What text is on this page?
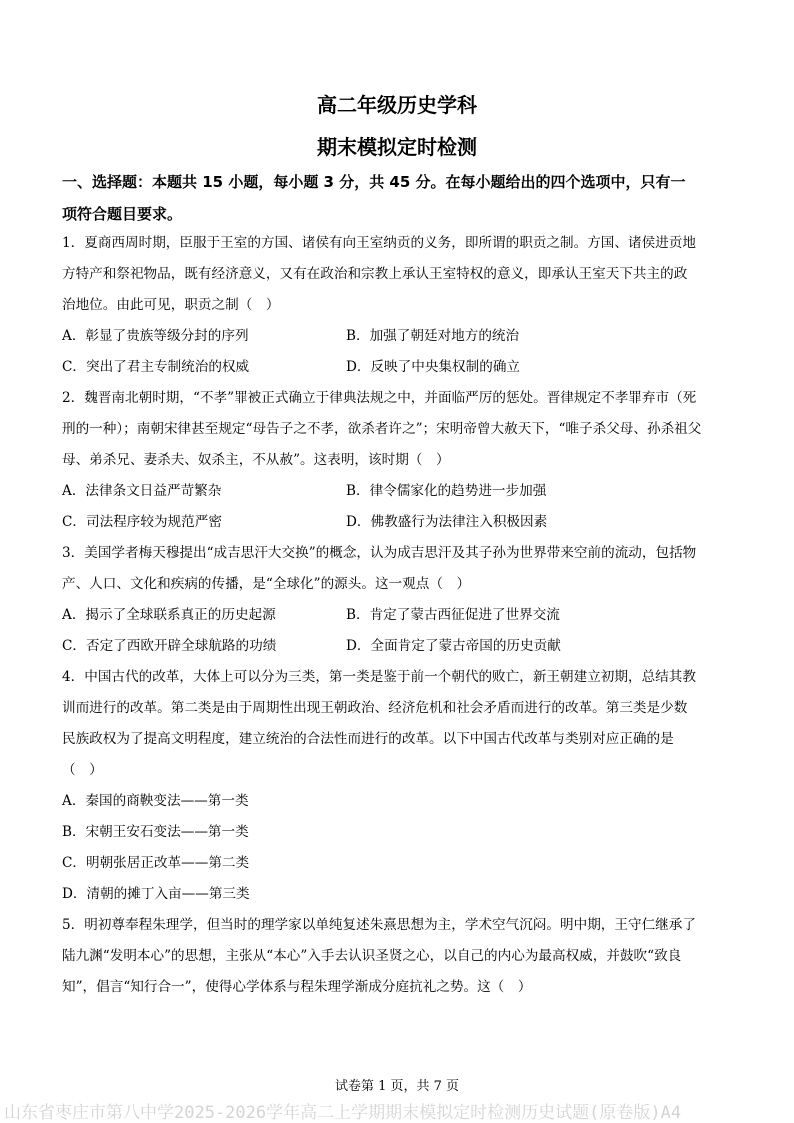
高二年级历史学科
期末模拟定时检测
一、选择题：本题共 15 小题，每小题 3 分，共 45 分。在每小题给出的四个选项中，只有一
项符合题目要求。
1．夏商西周时期，臣服于王室的方国、诸侯有向王室纳贡的义务，即所谓的职贡之制。方国、诸侯进贡地
方特产和祭祀物品，既有经济意义，又有在政治和宗教上承认王室特权的意义，即承认王室天下共主的政
治地位。由此可见，职贡之制（　）
A．彰显了贵族等级分封的序列	B．加强了朝廷对地方的统治
C．突出了君主专制统治的权威	D．反映了中央集权制的确立
2．魏晋南北朝时期，“不孝”罪被正式确立于律典法规之中，并面临严厉的惩处。晋律规定不孝罪弃市（死
刑的一种）；南朝宋律甚至规定“母告子之不孝，欲杀者许之”；宋明帝曾大赦天下，“唯子杀父母、孙杀祖父
母、弟杀兄、妻杀夫、奴杀主，不从赦”。这表明，该时期（　）
A．法律条文日益严苛繁杂	B．律令儒家化的趋势进一步加强
C．司法程序较为规范严密	D．佛教盛行为法律注入积极因素
3．美国学者梅天穆提出“成吉思汗大交换”的概念，认为成吉思汗及其子孙为世界带来空前的流动，包括物
产、人口、文化和疾病的传播，是“全球化”的源头。这一观点（　）
A．揭示了全球联系真正的历史起源	B．肯定了蒙古西征促进了世界交流
C．否定了西欧开辟全球航路的功绩	D．全面肯定了蒙古帝国的历史贡献
4．中国古代的改革，大体上可以分为三类，第一类是鉴于前一个朝代的败亡，新王朝建立初期，总结其教
训而进行的改革。第二类是由于周期性出现王朝政治、经济危机和社会矛盾而进行的改革。第三类是少数
民族政权为了提高文明程度，建立统治的合法性而进行的改革。以下中国古代改革与类别对应正确的是
（　）
A．秦国的商鞅变法——第一类
B．宋朝王安石变法——第一类
C．明朝张居正改革——第二类
D．清朝的摊丁入亩——第三类
5．明初尊奉程朱理学，但当时的理学家以单纯复述朱熹思想为主，学术空气沉闷。明中期，王守仁继承了
陆九渊“发明本心”的思想，主张从“本心”入手去认识圣贤之心，以自己的内心为最高权威，并鼓吹“致良
知”，倡言“知行合一”，使得心学体系与程朱理学渐成分庭抗礼之势。这（　）
试卷第 1 页，共 7 页
山东省枣庄市第八中学2025-2026学年高二上学期期末模拟定时检测历史试题(原卷版)A4
